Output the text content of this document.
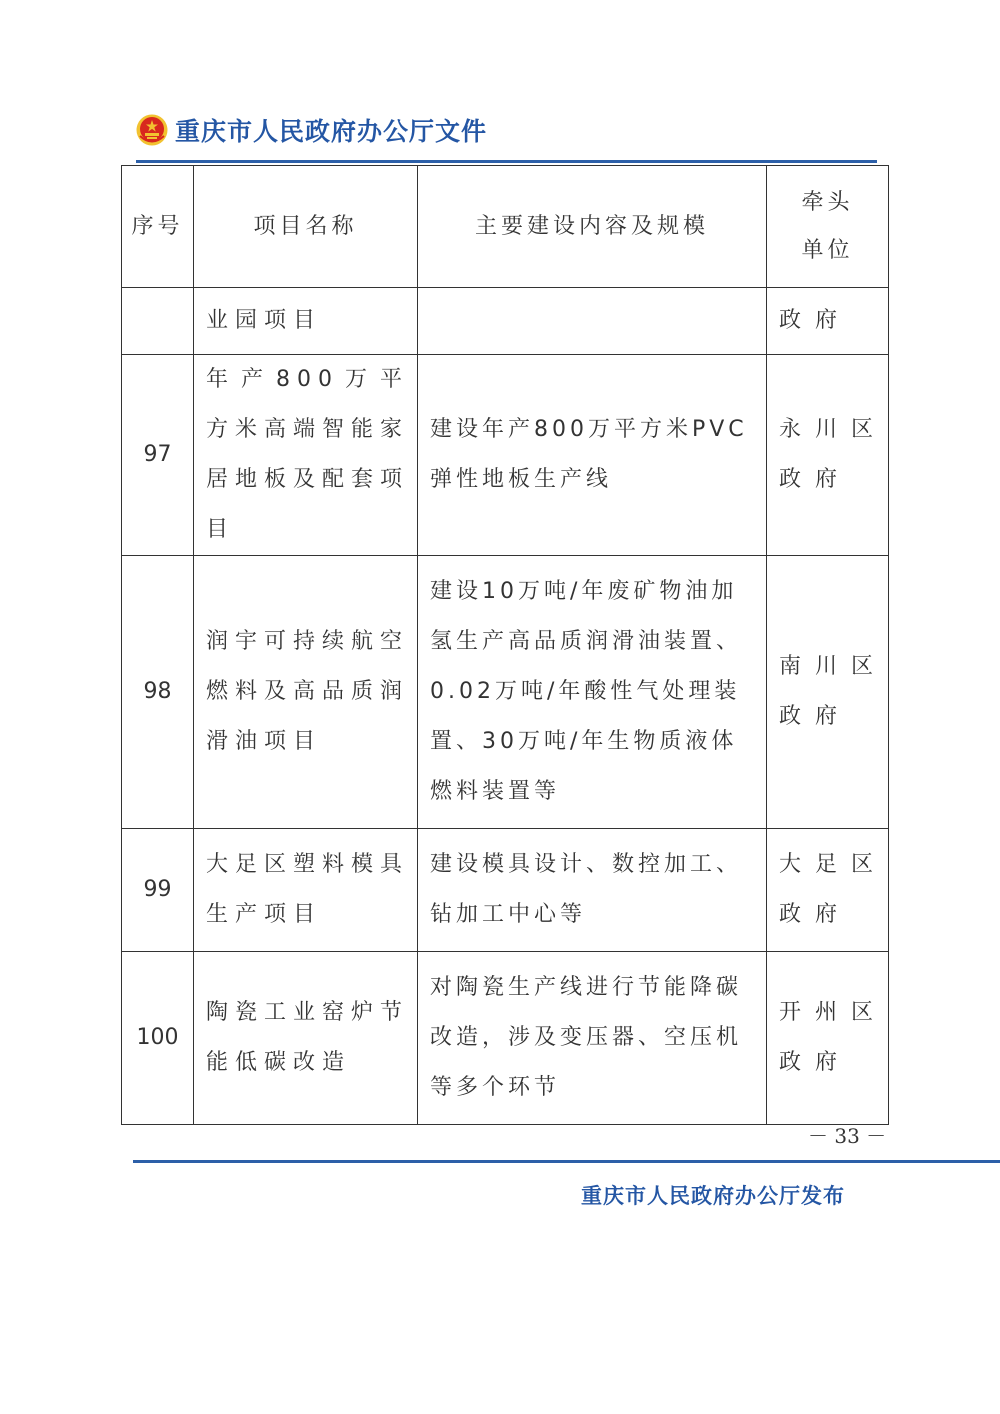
重庆市人民政府办公厅文件
序号	项目名称	主要建设内容及规模	牵头单位
	业园项目		政府
97	年产800万平方米高端智能家居地板及配套项目	建设年产800万平方米PVC弹性地板生产线	永川区政府
98	润宇可持续航空燃料及高品质润滑油项目	建设10万吨/年废矿物油加氢生产高品质润滑油装置、0.02万吨/年酸性气处理装置、30万吨/年生物质液体燃料装置等	南川区政府
99	大足区塑料模具生产项目	建设模具设计、数控加工、钻加工中心等	大足区政府
100	陶瓷工业窑炉节能低碳改造	对陶瓷生产线进行节能降碳改造，涉及变压器、空压机等多个环节	开州区政府
－ 33 －
重庆市人民政府办公厅发布
